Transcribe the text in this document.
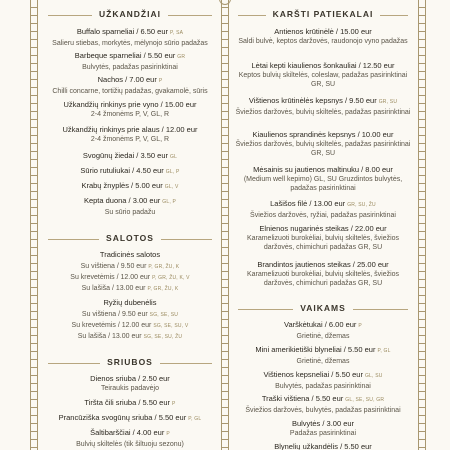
UŽKANDŽIAI
Buffalo sparneliai / 6.50 eur P, SA
Salieru stiebas, morkytės, mėlynojo sūrio padažas
Barbeque sparneliai / 5.50 eur GR
Bulvytės, padažas pasirinktinai
Nachos / 7.00 eur P
Chilli concarne, tortižių padažas, gvakamolė, sūris
Užkandžių rinkinys prie vyno / 15.00 eur
2-4 žmonėms P, V, GL, R
Užkandžių rinkinys prie alaus / 12.00 eur
2-4 žmonėms P, V, GL, R
Svogūnų žiedai / 3.50 eur GL
Sūrio rutuliukai / 4.50 eur GL, P
Krabų žnyplės / 5.00 eur GL, V
Kepta duona / 3.00 eur GL, P
Su sūrio padažu
SALOTOS
Tradicinės salotos
Su vištiena / 9.50 eur P, GR, ŽU, K
Su krevetėmis / 12.00 eur P, GR, ŽU, K, V
Su lašiša / 13.00 eur P, GR, ŽU, K
Ryžių dubenėlis
Su vištiena / 9.50 eur SG, SE, SU
Su krevetėmis / 12.00 eur SG, SE, SU, V
Su lašiša / 13.00 eur SG, SE, SU, ŽU
SRIUBOS
Dienos sriuba / 2.50 eur
Teiraukis padavėjo
Tiršta čili sriuba / 5.50 eur P
Prancūziška svogūnų sriuba / 5.50 eur P, GL
Šaltibarščiai / 4.00 eur P
Bulvių skiltelės (tik šiltuoju sezonu)
KARŠTI PATIEKALAI
Antienos krūtinėlė / 15.00 eur
Saldi bulvė, keptos daržovės, raudonojo vyno padažas
Lėtai kepti kiaulienos šonkauliai / 12.50 eur
Keptos bulvių skiltelės, coleslaw, padažas pasirinktinai GR, SU
Vištienos krūtinėlės kepsnys / 9.50 eur GR, SU
Šviežios daržovės, bulvių skiltelės, padažas pasirinktinai
Kiaulienos sprandinės kepsnys / 10.00 eur
Šviežios daržovės, bulvių skiltelės, padažas pasirinktinai GR, SU
Mėsainis su jautienos maltinuku / 8.00 eur
(Medium well kepimo) GL, SU Gruzdintos bulvytės, padažas pasirinktinai
Lašišos filė / 13.00 eur GR, SU, ŽU
Šviežios daržovės, ryžiai, padažas pasirinktinai
Elnienos nugarinės steikas / 22.00 eur
Karamelizuoti burokėliai, bulvių skiltelės, šviežios daržovės, chimichuri padažas GR, SU
Brandintos jautienos steikas / 25.00 eur
Karamelizuoti burokėliai, bulvių skiltelės, šviežios daržovės, chimichuri padažas GR, SU
VAIKAMS
Varškėtukai / 6.00 eur P
Grietinė, džemas
Mini amerikietiški blyneliai / 5.50 eur P, GL
Grietinė, džemas
Vištienos kepsneliai / 5.50 eur GL, SU
Bulvytės, padažas pasirinktinai
Traški vištiena / 5.50 eur GL, SE, SU, GR
Šviežios daržovės, bulvytės, padažas pasirinktinai
Bulvytės / 3.00 eur
Padažas pasirinktinai
Blynelių užkandėlis / 5.50 eur
